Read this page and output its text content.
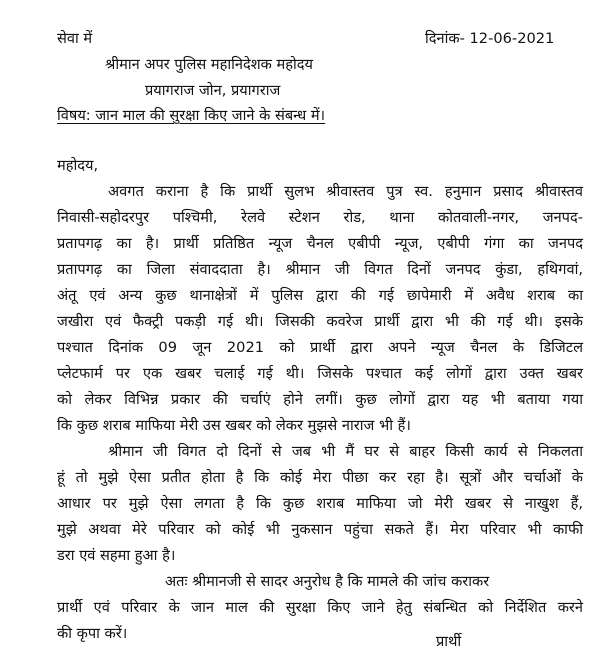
सेवा में	दिनांक- 12-06-2021
श्रीमान अपर पुलिस महानिदेशक महोदय
प्रयागराज जोन, प्रयागराज
विषय: जान माल की सुरक्षा किए जाने के संबन्ध में।
महोदय,
अवगत कराना है कि प्रार्थी सुलभ श्रीवास्तव पुत्र स्व. हनुमान प्रसाद श्रीवास्तव
निवासी-सहोदरपुर पश्चिमी, रेलवे स्टेशन रोड, थाना कोतवाली-नगर, जनपद-
प्रतापगढ़ का है। प्रार्थी प्रतिष्ठित न्यूज चैनल एबीपी न्यूज, एबीपी गंगा का जनपद
प्रतापगढ़ का जिला संवाददाता है। श्रीमान जी विगत दिनों जनपद कुंडा, हथिगवां,
अंतू एवं अन्य कुछ थानाक्षेत्रों में पुलिस द्वारा की गई छापेमारी में अवैध शराब का
जखीरा एवं फैक्ट्री पकड़ी गई थी। जिसकी कवरेज प्रार्थी द्वारा भी की गई थी। इसके
पश्चात दिनांक 09 जून 2021 को प्रार्थी द्वारा अपने न्यूज चैनल के डिजिटल
प्लेटफार्म पर एक खबर चलाई गई थी। जिसके पश्चात कई लोगों द्वारा उक्त खबर
को लेकर विभिन्न प्रकार की चर्चाएं होने लगीं। कुछ लोगों द्वारा यह भी बताया गया
कि कुछ शराब माफिया मेरी उस खबर को लेकर मुझसे नाराज भी हैं।
श्रीमान जी विगत दो दिनों से जब भी मैं घर से बाहर किसी कार्य से निकलता
हूं तो मुझे ऐसा प्रतीत होता है कि कोई मेरा पीछा कर रहा है। सूत्रों और चर्चाओं के
आधार पर मुझे ऐसा लगता है कि कुछ शराब माफिया जो मेरी खबर से नाखुश हैं,
मुझे अथवा मेरे परिवार को कोई भी नुकसान पहुंचा सकते हैं। मेरा परिवार भी काफी
डरा एवं सहमा हुआ है।
अतः श्रीमानजी से सादर अनुरोध है कि मामले की जांच कराकर
प्रार्थी एवं परिवार के जान माल की सुरक्षा किए जाने हेतु संबन्धित को निर्देशित करने
की कृपा करें।	प्रार्थी
